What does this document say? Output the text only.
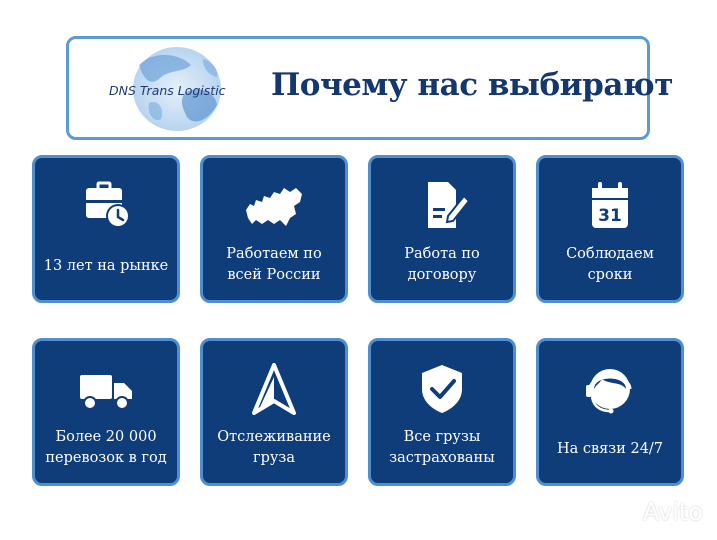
DNS Trans Logistic	Почему нас выбирают
13 лет на рынке
Работаем по
всей России
Работа по
договору
31
Соблюдаем
сроки
Более 20 000
перевозок в год
Отслеживание
груза
Все грузы
застрахованы
На связи 24/7
Avito
